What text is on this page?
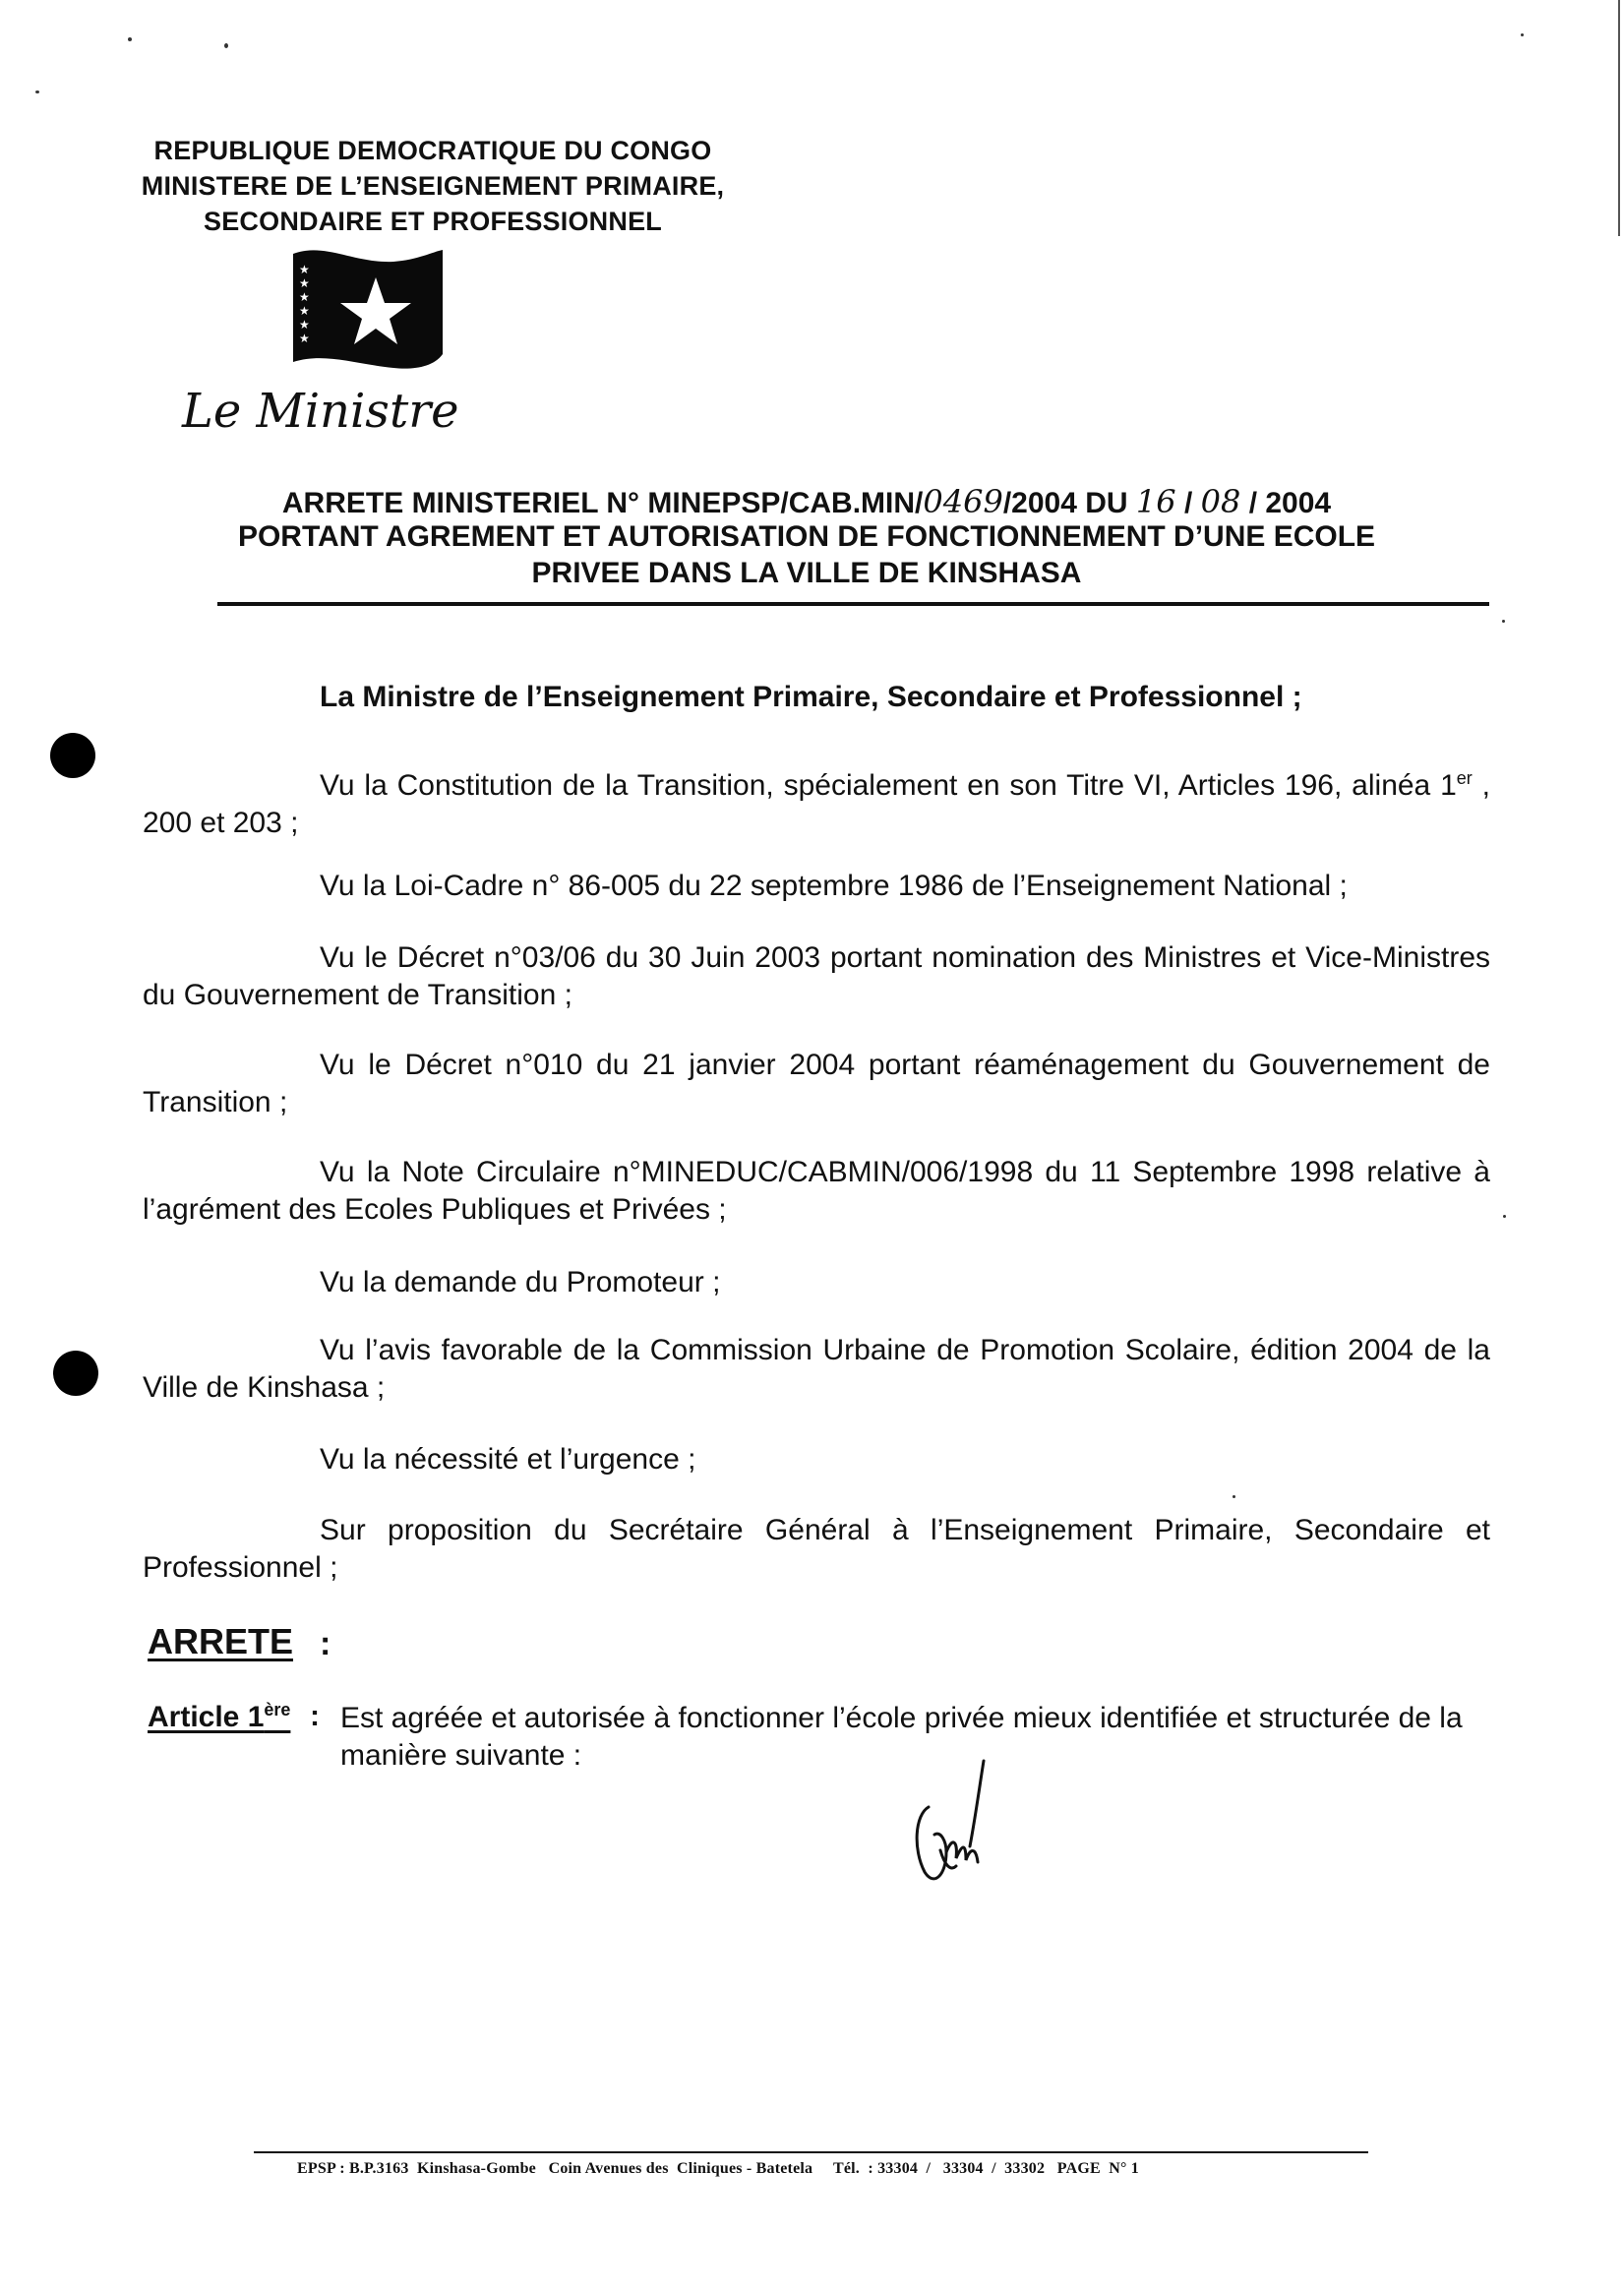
REPUBLIQUE DEMOCRATIQUE DU CONGO
MINISTERE DE L’ENSEIGNEMENT PRIMAIRE,
SECONDAIRE ET PROFESSIONNEL
★
★
★
★
★
★
Le Ministre
ARRETE MINISTERIEL N° MINEPSP/CAB.MIN/0469/2004 DU 16 / 08 / 2004
PORTANT AGREMENT ET AUTORISATION DE FONCTIONNEMENT D’UNE ECOLE
PRIVEE DANS LA VILLE DE KINSHASA
La Ministre de l’Enseignement Primaire, Secondaire et Professionnel ;
Vu la Constitution de la Transition, spécialement en son Titre VI, Articles 196, alinéa 1er , 200 et 203 ;
Vu la Loi-Cadre n° 86-005 du 22 septembre 1986 de l’Enseignement National ;
Vu le Décret n°03/06 du 30 Juin 2003 portant nomination des Ministres et Vice-Ministres du Gouvernement de Transition ;
Vu le Décret n°010 du 21 janvier 2004 portant réaménagement du Gouvernement de Transition ;
Vu la Note Circulaire n°MINEDUC/CABMIN/006/1998 du 11 Septembre 1998 relative à l’agrément des Ecoles Publiques et Privées ;
Vu la demande du Promoteur ;
Vu l’avis favorable de la Commission Urbaine de Promotion Scolaire, édition 2004 de la Ville de Kinshasa ;
Vu la nécessité et l’urgence ;
Sur proposition du Secrétaire Général à l’Enseignement Primaire, Secondaire et Professionnel ;
ARRETE :
Article 1ère : Est agréée et autorisée à fonctionner l’école privée mieux identifiée et structurée de la manière suivante :
EPSP : B.P.3163  Kinshasa-Gombe   Coin Avenues des  Cliniques - Batetela     Tél.  : 33304  /   33304  /  33302   PAGE  N° 1
